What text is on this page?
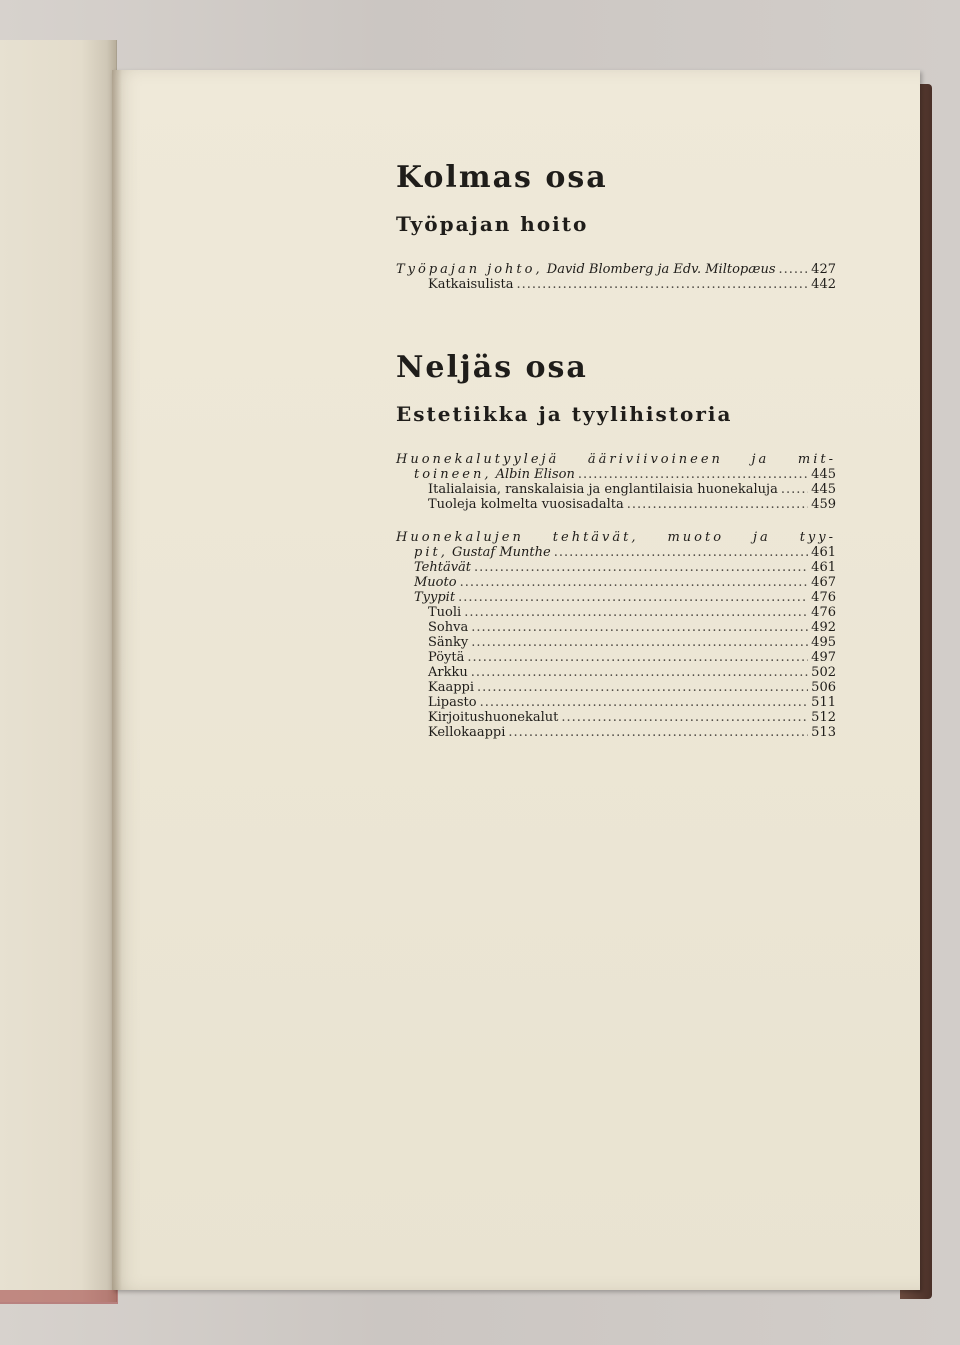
Kolmas osa
Työpajan hoito
Työpajan johto, David Blomberg ja Edv. Miltopæus .....	427
Katkaisulista .....	442
Neljäs osa
Estetiikka ja tyylihistoria
Huonekalutyylejä ääriviivoineen ja mit-
toineen, Albin Elison .....	445
Italialaisia, ranskalaisia ja englantilaisia huonekaluja .....	445
Tuoleja kolmelta vuosisadalta .....	459
Huonekalujen tehtävät, muoto ja tyy-
pit, Gustaf Munthe .....	461
Tehtävät .....	461
Muoto .....	467
Tyypit .....	476
Tuoli .....	476
Sohva .....	492
Sänky .....	495
Pöytä .....	497
Arkku .....	502
Kaappi .....	506
Lipasto .....	511
Kirjoitushuonekalut .....	512
Kellokaappi .....	513
